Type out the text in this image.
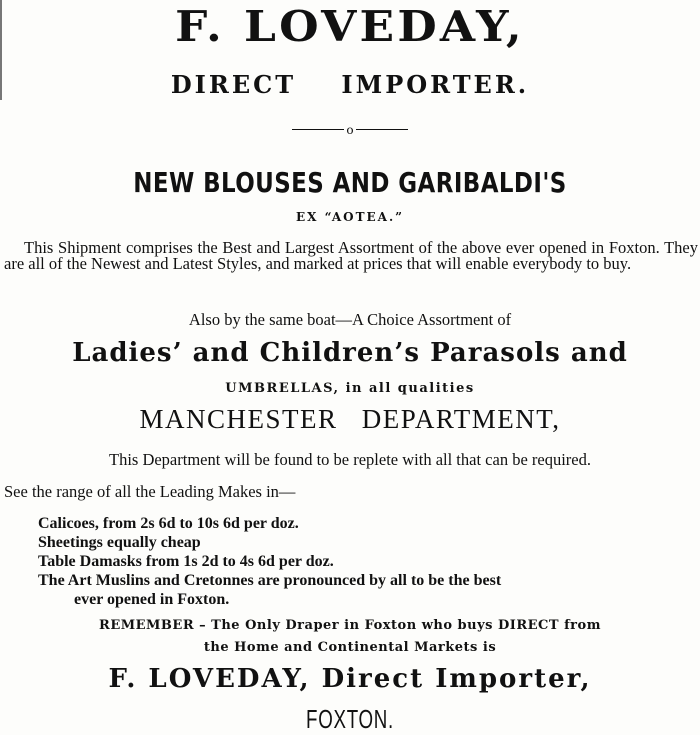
F. LOVEDAY,
DIRECT IMPORTER.
o
NEW BLOUSES AND GARIBALDI'S
EX “AOTEA.”
This Shipment comprises the Best and Largest Assortment of the above ever opened in Foxton. They are all of the Newest and Latest Styles, and marked at prices that will enable everybody to buy.
Also by the same boat—A Choice Assortment of
Ladies’ and Children’s Parasols and
UMBRELLAS, in all qualities
MANCHESTER DEPARTMENT,
This Department will be found to be replete with all that can be required.
See the range of all the Leading Makes in—
Calicoes, from 2s 6d to 10s 6d per doz.
Sheetings equally cheap
Table Damasks from 1s 2d to 4s 6d per doz.
The Art Muslins and Cretonnes are pronounced by all to be the best
ever opened in Foxton.
REMEMBER – The Only Draper in Foxton who buys DIRECT from
the Home and Continental Markets is
F. LOVEDAY, Direct Importer,
FOXTON.
